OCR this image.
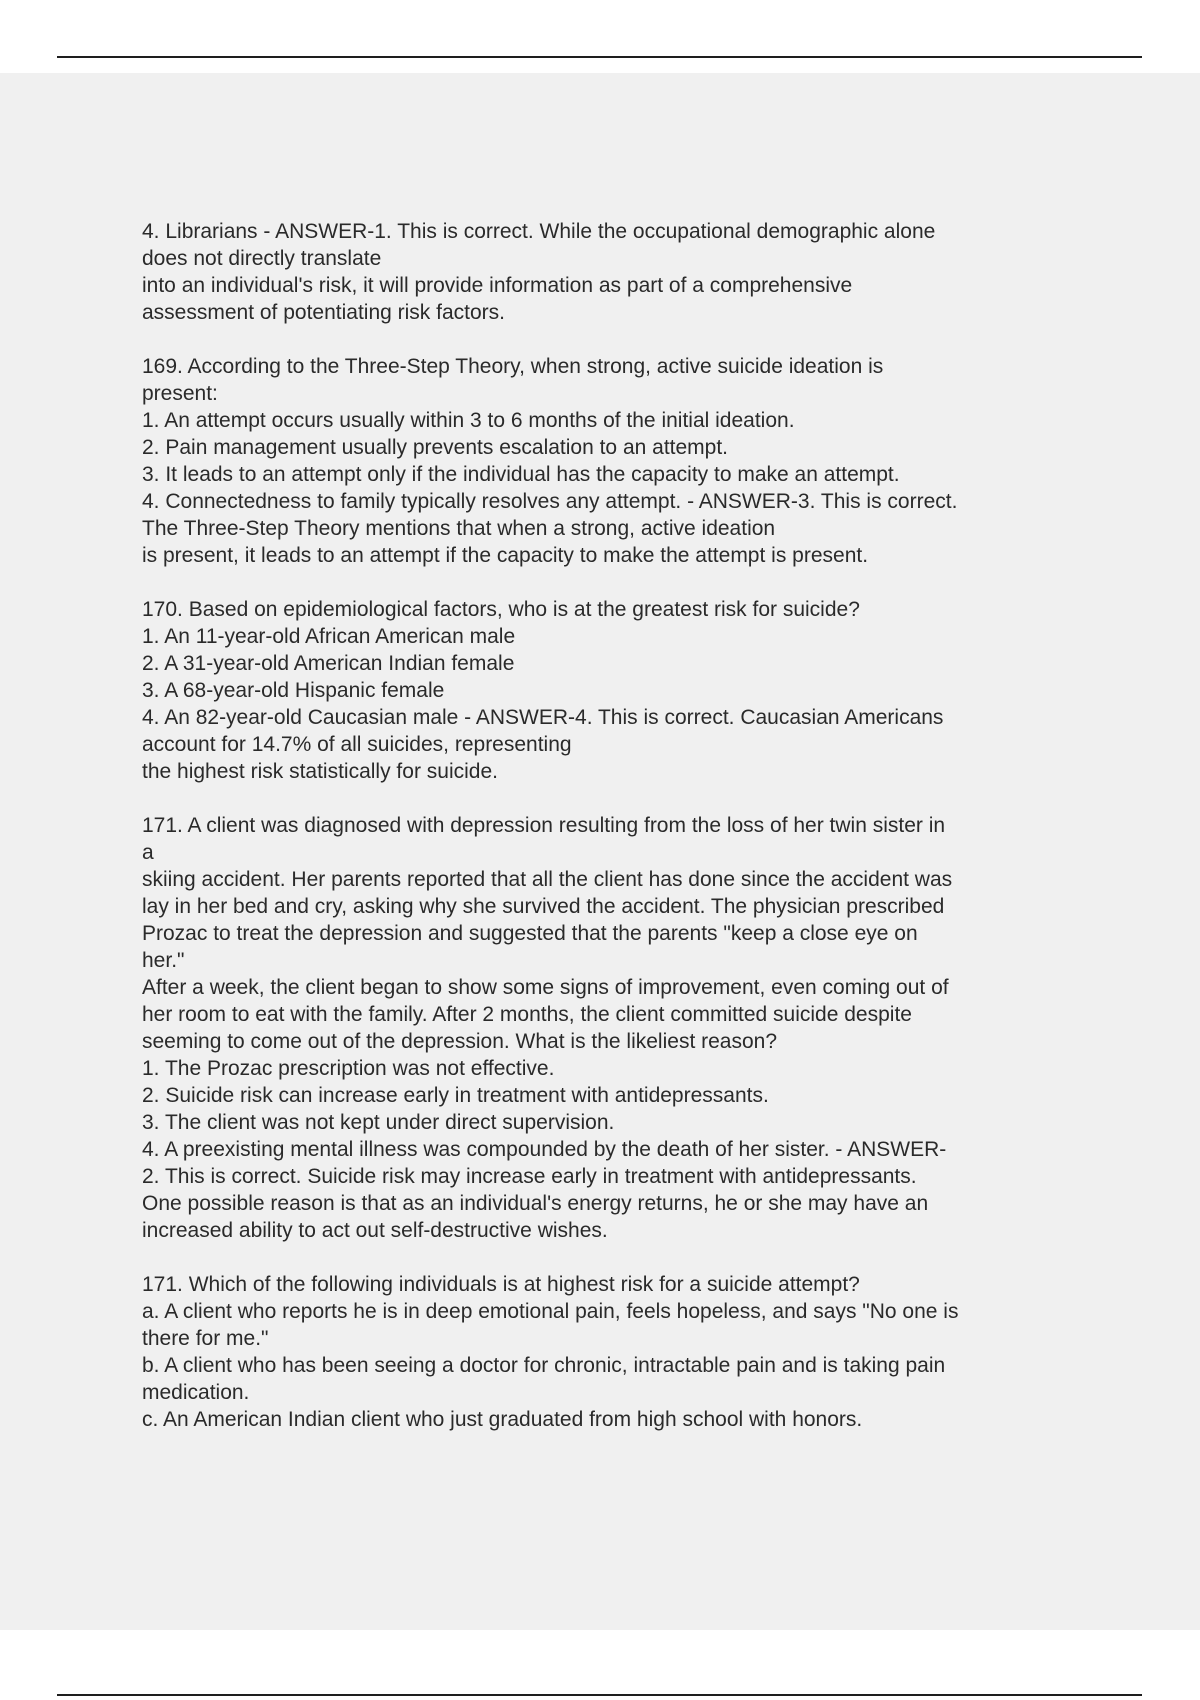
4. Librarians - ANSWER-1. This is correct. While the occupational demographic alone
does not directly translate
into an individual's risk, it will provide information as part of a comprehensive
assessment of potentiating risk factors.
169. According to the Three-Step Theory, when strong, active suicide ideation is
present:
1. An attempt occurs usually within 3 to 6 months of the initial ideation.
2. Pain management usually prevents escalation to an attempt.
3. It leads to an attempt only if the individual has the capacity to make an attempt.
4. Connectedness to family typically resolves any attempt. - ANSWER-3. This is correct.
The Three-Step Theory mentions that when a strong, active ideation
is present, it leads to an attempt if the capacity to make the attempt is present.
170. Based on epidemiological factors, who is at the greatest risk for suicide?
1. An 11-year-old African American male
2. A 31-year-old American Indian female
3. A 68-year-old Hispanic female
4. An 82-year-old Caucasian male - ANSWER-4. This is correct. Caucasian Americans
account for 14.7% of all suicides, representing
the highest risk statistically for suicide.
171. A client was diagnosed with depression resulting from the loss of her twin sister in
a
skiing accident. Her parents reported that all the client has done since the accident was
lay in her bed and cry, asking why she survived the accident. The physician prescribed
Prozac to treat the depression and suggested that the parents "keep a close eye on
her."
After a week, the client began to show some signs of improvement, even coming out of
her room to eat with the family. After 2 months, the client committed suicide despite
seeming to come out of the depression. What is the likeliest reason?
1. The Prozac prescription was not effective.
2. Suicide risk can increase early in treatment with antidepressants.
3. The client was not kept under direct supervision.
4. A preexisting mental illness was compounded by the death of her sister. - ANSWER-
2. This is correct. Suicide risk may increase early in treatment with antidepressants.
One possible reason is that as an individual's energy returns, he or she may have an
increased ability to act out self-destructive wishes.
171. Which of the following individuals is at highest risk for a suicide attempt?
a. A client who reports he is in deep emotional pain, feels hopeless, and says "No one is
there for me."
b. A client who has been seeing a doctor for chronic, intractable pain and is taking pain
medication.
c. An American Indian client who just graduated from high school with honors.
